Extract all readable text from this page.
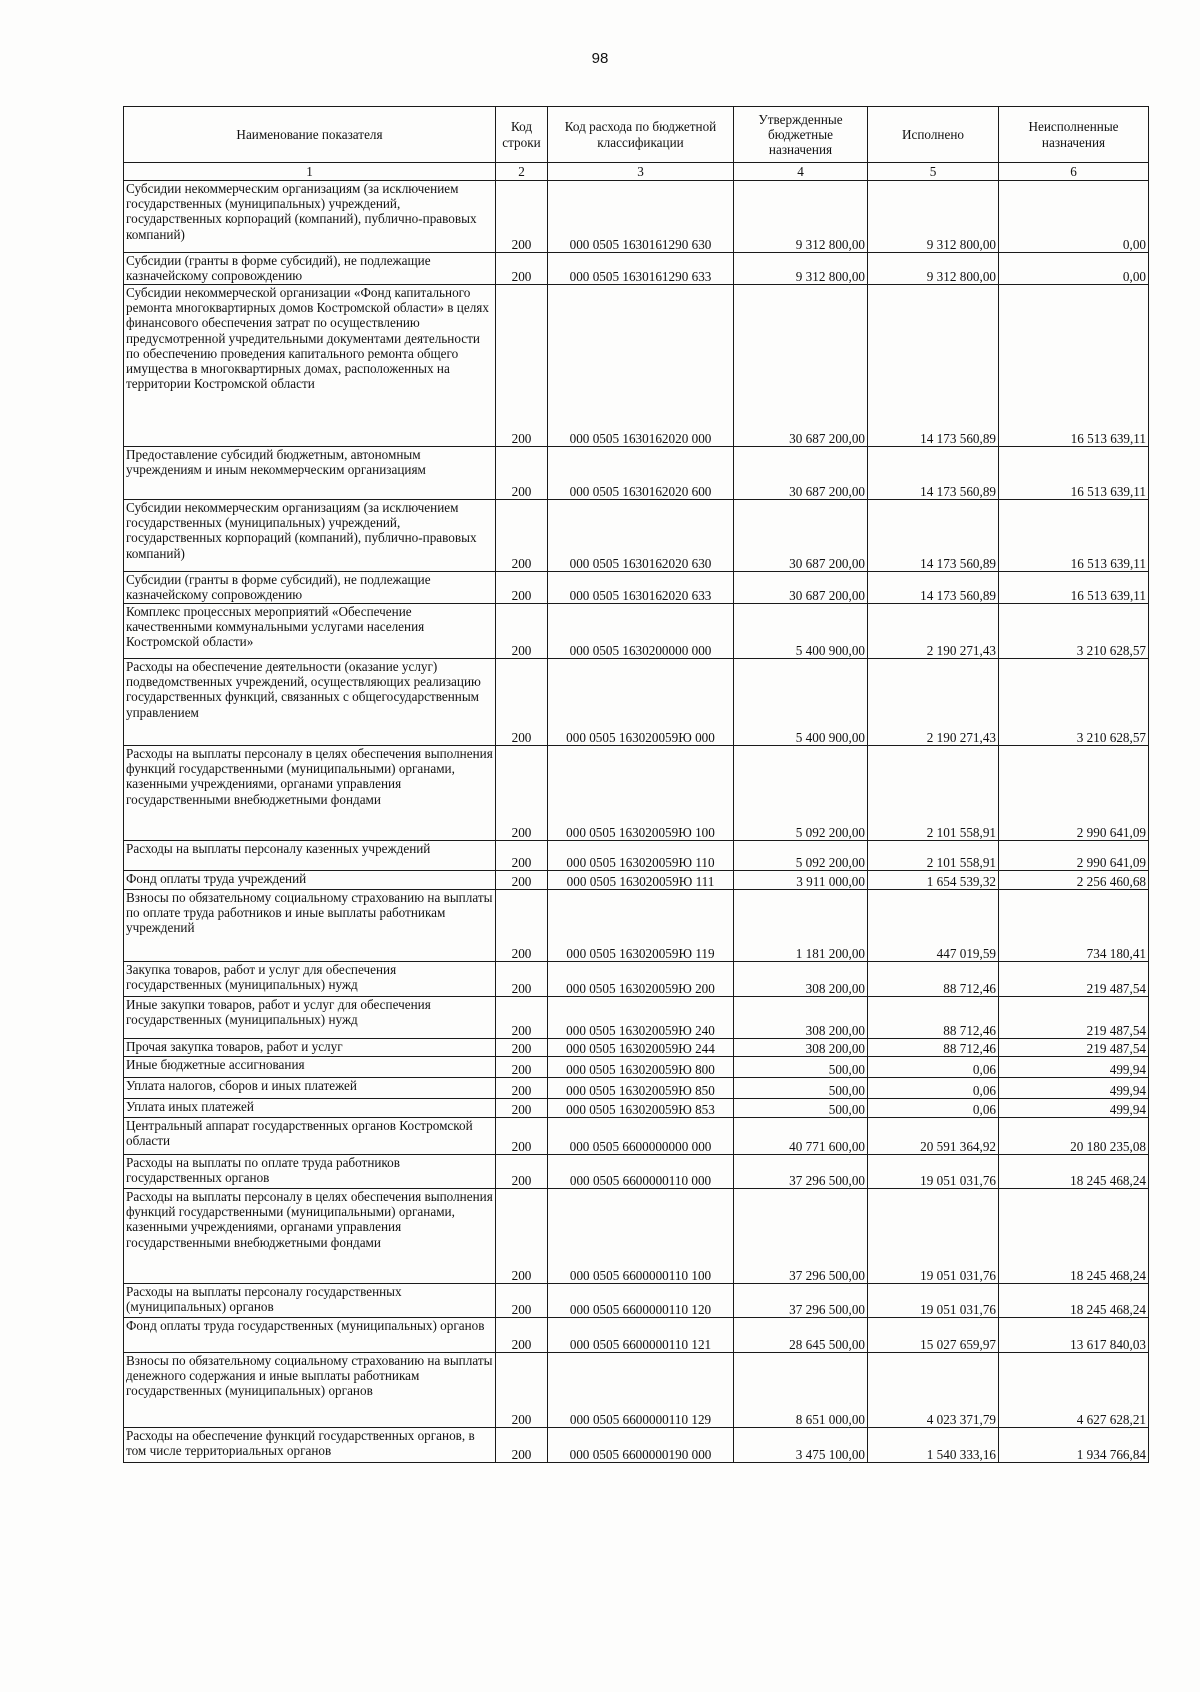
98
Наименование показателя	Код строки	Код расхода по бюджетной классификации	Утвержденные бюджетные назначения	Исполнено	Неисполненные назначения
1	2	3	4	5	6
Субсидии некоммерческим организациям (за исключением государственных (муниципальных) учреждений, государственных корпораций (компаний), публично-правовых компаний)	200	000 0505 1630161290 630	9 312 800,00	9 312 800,00	0,00
Субсидии (гранты в форме субсидий), не подлежащие казначейскому сопровождению	200	000 0505 1630161290 633	9 312 800,00	9 312 800,00	0,00
Субсидии некоммерческой организации «Фонд капитального ремонта многоквартирных домов Костромской области» в целях финансового обеспечения затрат по осуществлению предусмотренной учредительными документами деятельности по обеспечению проведения капитального ремонта общего имущества в многоквартирных домах, расположенных на территории Костромской области	200	000 0505 1630162020 000	30 687 200,00	14 173 560,89	16 513 639,11
Предоставление субсидий бюджетным, автономным учреждениям и иным некоммерческим организациям	200	000 0505 1630162020 600	30 687 200,00	14 173 560,89	16 513 639,11
Субсидии некоммерческим организациям (за исключением государственных (муниципальных) учреждений, государственных корпораций (компаний), публично-правовых компаний)	200	000 0505 1630162020 630	30 687 200,00	14 173 560,89	16 513 639,11
Субсидии (гранты в форме субсидий), не подлежащие казначейскому сопровождению	200	000 0505 1630162020 633	30 687 200,00	14 173 560,89	16 513 639,11
Комплекс процессных мероприятий «Обеспечение качественными коммунальными услугами населения Костромской области»	200	000 0505 1630200000 000	5 400 900,00	2 190 271,43	3 210 628,57
Расходы на обеспечение деятельности (оказание услуг) подведомственных учреждений, осуществляющих реализацию государственных функций, связанных с общегосударственным управлением	200	000 0505 163020059Ю 000	5 400 900,00	2 190 271,43	3 210 628,57
Расходы на выплаты персоналу в целях обеспечения выполнения функций государственными (муниципальными) органами, казенными учреждениями, органами управления государственными внебюджетными фондами	200	000 0505 163020059Ю 100	5 092 200,00	2 101 558,91	2 990 641,09
Расходы на выплаты персоналу казенных учреждений	200	000 0505 163020059Ю 110	5 092 200,00	2 101 558,91	2 990 641,09
Фонд оплаты труда учреждений	200	000 0505 163020059Ю 111	3 911 000,00	1 654 539,32	2 256 460,68
Взносы по обязательному социальному страхованию на выплаты по оплате труда работников и иные выплаты работникам учреждений	200	000 0505 163020059Ю 119	1 181 200,00	447 019,59	734 180,41
Закупка товаров, работ и услуг для обеспечения государственных (муниципальных) нужд	200	000 0505 163020059Ю 200	308 200,00	88 712,46	219 487,54
Иные закупки товаров, работ и услуг для обеспечения государственных (муниципальных) нужд	200	000 0505 163020059Ю 240	308 200,00	88 712,46	219 487,54
Прочая закупка товаров, работ и услуг	200	000 0505 163020059Ю 244	308 200,00	88 712,46	219 487,54
Иные бюджетные ассигнования	200	000 0505 163020059Ю 800	500,00	0,06	499,94
Уплата налогов, сборов и иных платежей	200	000 0505 163020059Ю 850	500,00	0,06	499,94
Уплата иных платежей	200	000 0505 163020059Ю 853	500,00	0,06	499,94
Центральный аппарат государственных органов Костромской области	200	000 0505 6600000000 000	40 771 600,00	20 591 364,92	20 180 235,08
Расходы на выплаты по оплате труда работников государственных органов	200	000 0505 6600000110 000	37 296 500,00	19 051 031,76	18 245 468,24
Расходы на выплаты персоналу в целях обеспечения выполнения функций государственными (муниципальными) органами, казенными учреждениями, органами управления государственными внебюджетными фондами	200	000 0505 6600000110 100	37 296 500,00	19 051 031,76	18 245 468,24
Расходы на выплаты персоналу государственных (муниципальных) органов	200	000 0505 6600000110 120	37 296 500,00	19 051 031,76	18 245 468,24
Фонд оплаты труда государственных (муниципальных) органов	200	000 0505 6600000110 121	28 645 500,00	15 027 659,97	13 617 840,03
Взносы по обязательному социальному страхованию на выплаты денежного содержания и иные выплаты работникам государственных (муниципальных) органов	200	000 0505 6600000110 129	8 651 000,00	4 023 371,79	4 627 628,21
Расходы на обеспечение функций государственных органов, в том числе территориальных органов	200	000 0505 6600000190 000	3 475 100,00	1 540 333,16	1 934 766,84
